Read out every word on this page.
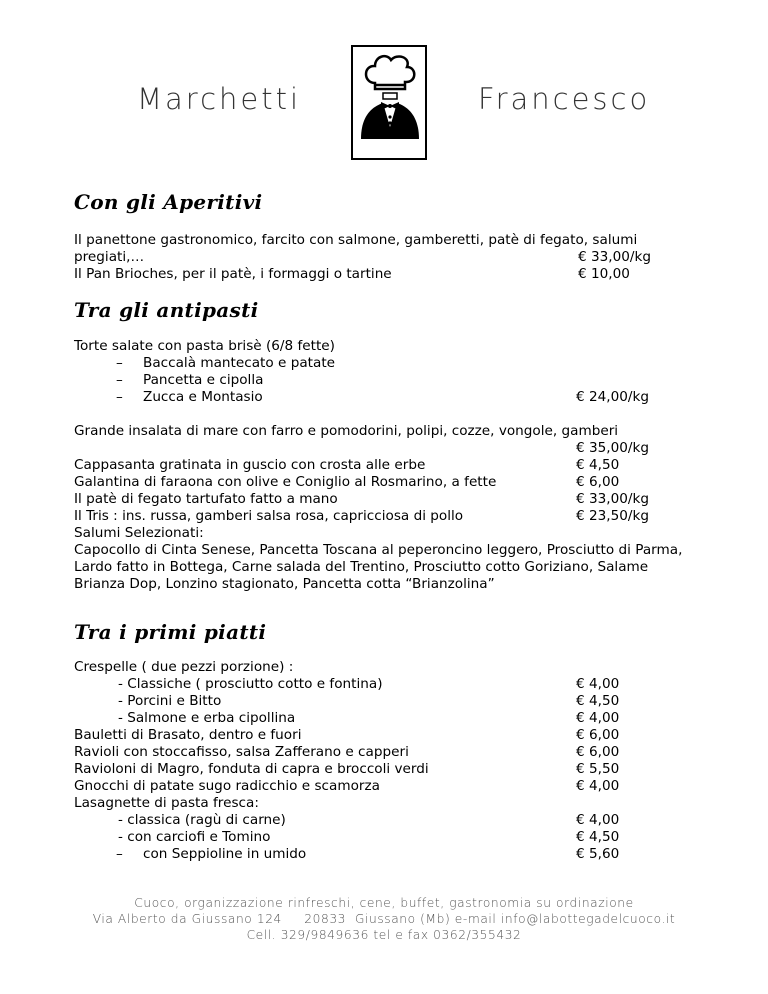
Marchetti	Francesco
Con gli Aperitivi
Il panettone gastronomico, farcito con salmone, gamberetti, patè di fegato, salumi
pregiati,…	€ 33,00/kg
Il Pan Brioches, per il patè, i formaggi o tartine	€ 10,00
Tra gli antipasti
Torte salate con pasta brisè (6/8 fette)
– Baccalà mantecato e patate
– Pancetta e cipolla
– Zucca e Montasio	€ 24,00/kg
Grande insalata di mare con farro e pomodorini, polipi, cozze, vongole, gamberi
€ 35,00/kg
Cappasanta gratinata in guscio con crosta alle erbe	€ 4,50
Galantina di faraona con olive e Coniglio al Rosmarino, a fette	€ 6,00
Il patè di fegato tartufato fatto a mano	€ 33,00/kg
Il Tris : ins. russa, gamberi salsa rosa, capricciosa di pollo	€ 23,50/kg
Salumi Selezionati:
Capocollo di Cinta Senese, Pancetta Toscana al peperoncino leggero, Prosciutto di Parma,
Lardo fatto in Bottega, Carne salada del Trentino, Prosciutto cotto Goriziano, Salame
Brianza Dop, Lonzino stagionato, Pancetta cotta “Brianzolina”
Tra i primi piatti
Crespelle ( due pezzi porzione) :
- Classiche ( prosciutto cotto e fontina)	€ 4,00
- Porcini e Bitto	€ 4,50
- Salmone e erba cipollina	€ 4,00
Bauletti di Brasato, dentro e fuori	€ 6,00
Ravioli con stoccafisso, salsa Zafferano e capperi	€ 6,00
Ravioloni di Magro, fonduta di capra e broccoli verdi	€ 5,50
Gnocchi di patate sugo radicchio e scamorza	€ 4,00
Lasagnette di pasta fresca:
- classica (ragù di carne)	€ 4,00
- con carciofi e Tomino	€ 4,50
– con Seppioline in umido	€ 5,60
Cuoco, organizzazione rinfreschi, cene, buffet, gastronomia su ordinazione
Via Alberto da Giussano 124     20833  Giussano (Mb) e-mail info@labottegadelcuoco.it
Cell. 329/9849636 tel e fax 0362/355432
